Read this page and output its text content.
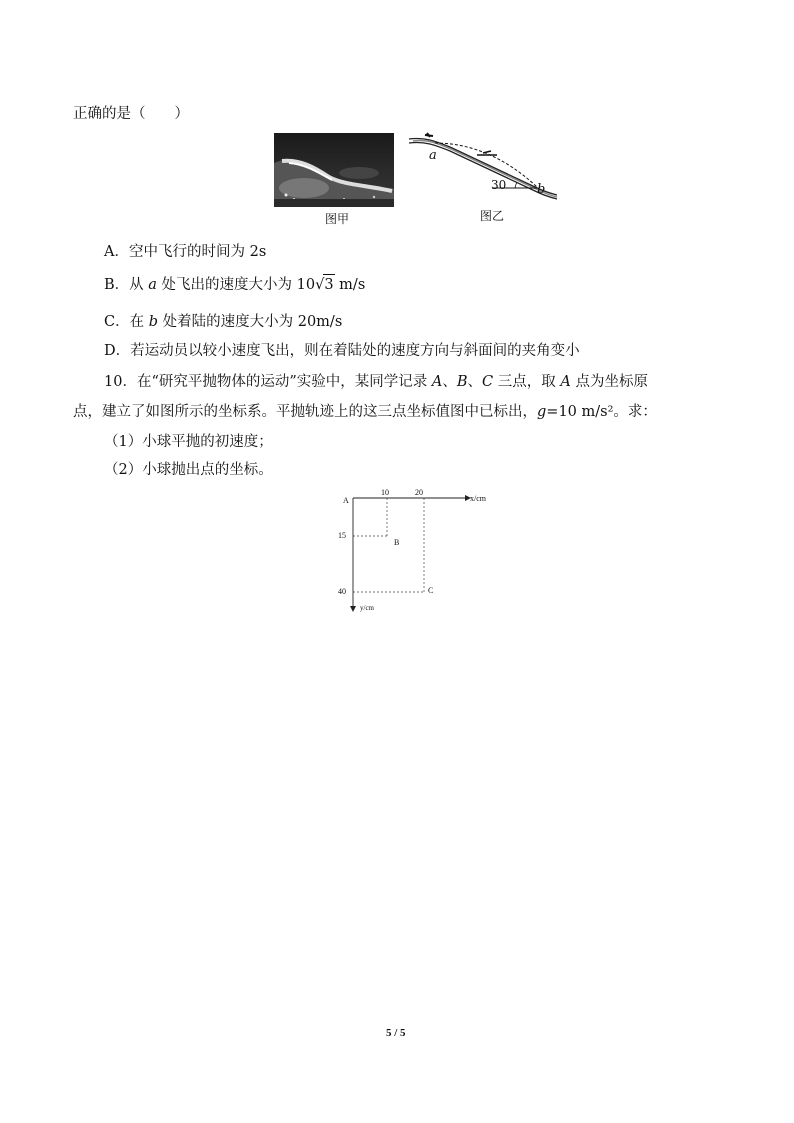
正确的是（　　）
图甲
a
30 b
图乙
A．空中飞行的时间为 2s
B．从 a 处飞出的速度大小为 10√3 m/s
C．在 b 处着陆的速度大小为 20m/s
D．若运动员以较小速度飞出，则在着陆处的速度方向与斜面间的夹角变小
10．在“研究平抛物体的运动”实验中，某同学记录 A、B、C 三点，取 A 点为坐标原
点，建立了如图所示的坐标系。平抛轨迹上的这三点坐标值图中已标出，g=10 m/s²。求：
（1）小球平抛的初速度；
（2）小球抛出点的坐标。
A
10	20
x/cm
15
40
y/cm
B
C
5 / 5
